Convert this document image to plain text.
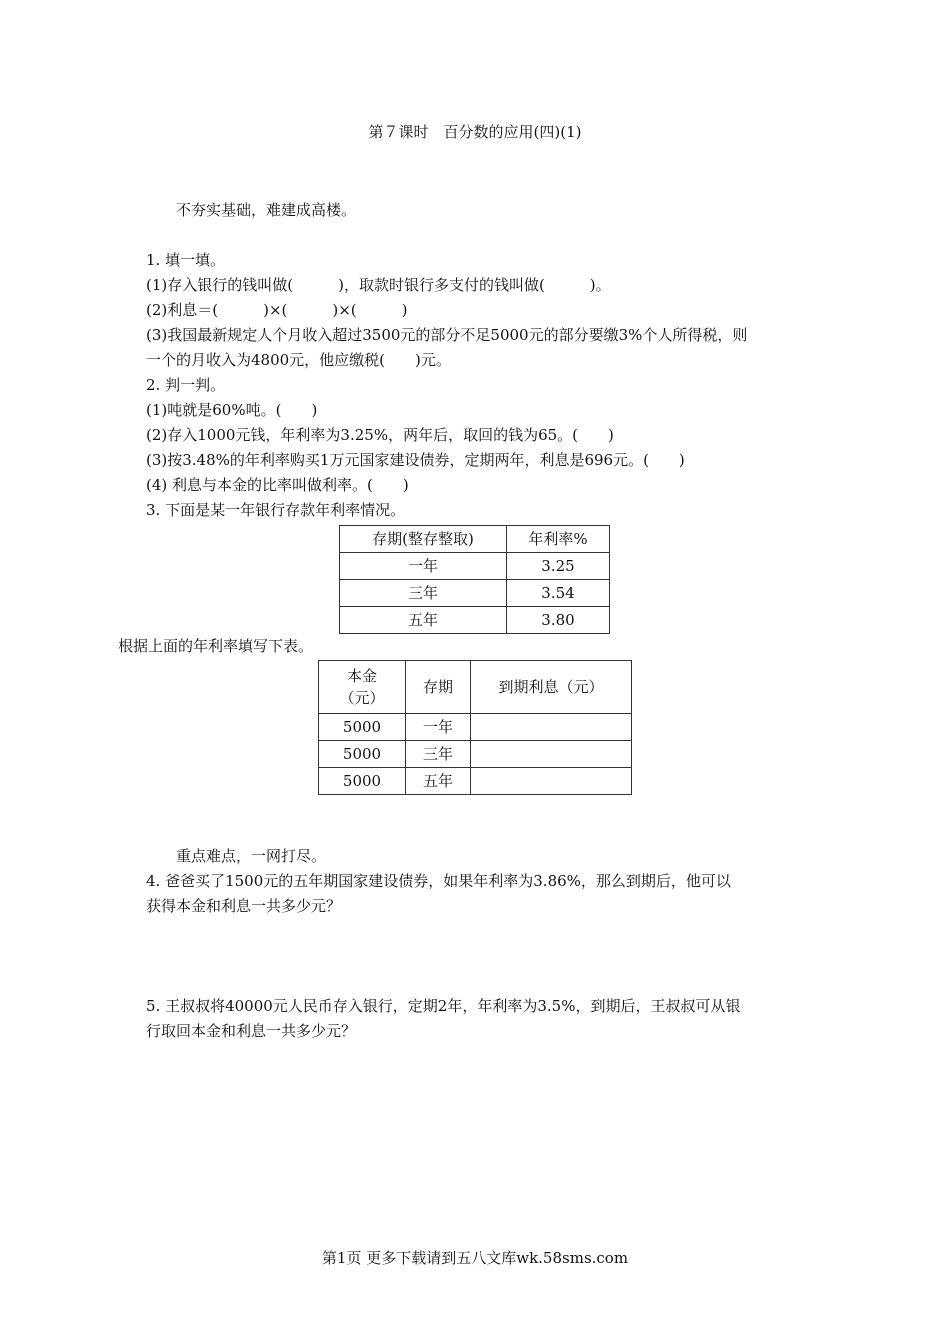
第７课时　百分数的应用(四)(1)
不夯实基础，难建成高楼。
1. 填一填。
(1)存入银行的钱叫做(　　　)，取款时银行多支付的钱叫做(　　　)。
(2)利息＝(　　　)×(　　　)×(　　　)
(3)我国最新规定人个月收入超过3500元的部分不足5000元的部分要缴3%个人所得税，则
一个的月收入为4800元，他应缴税(　　)元。
2. 判一判。
(1)吨就是60%吨。(　　)
(2)存入1000元钱，年利率为3.25%，两年后，取回的钱为65。(　　)
(3)按3.48%的年利率购买1万元国家建设债券，定期两年，利息是696元。(　　)
(4) 利息与本金的比率叫做利率。(　　)
3. 下面是某一年银行存款年利率情况。
存期(整存整取)	年利率%
一年	3.25
三年	3.54
五年	3.80
根据上面的年利率填写下表。
本金
（元）	存期	到期利息（元）
5000	一年	
5000	三年	
5000	五年	
重点难点，一网打尽。
4. 爸爸买了1500元的五年期国家建设债券，如果年利率为3.86%，那么到期后，他可以
获得本金和利息一共多少元？
5. 王叔叔将40000元人民币存入银行，定期2年，年利率为3.5%，到期后，王叔叔可从银
行取回本金和利息一共多少元？
第1页 更多下载请到五八文库wk.58sms.com
